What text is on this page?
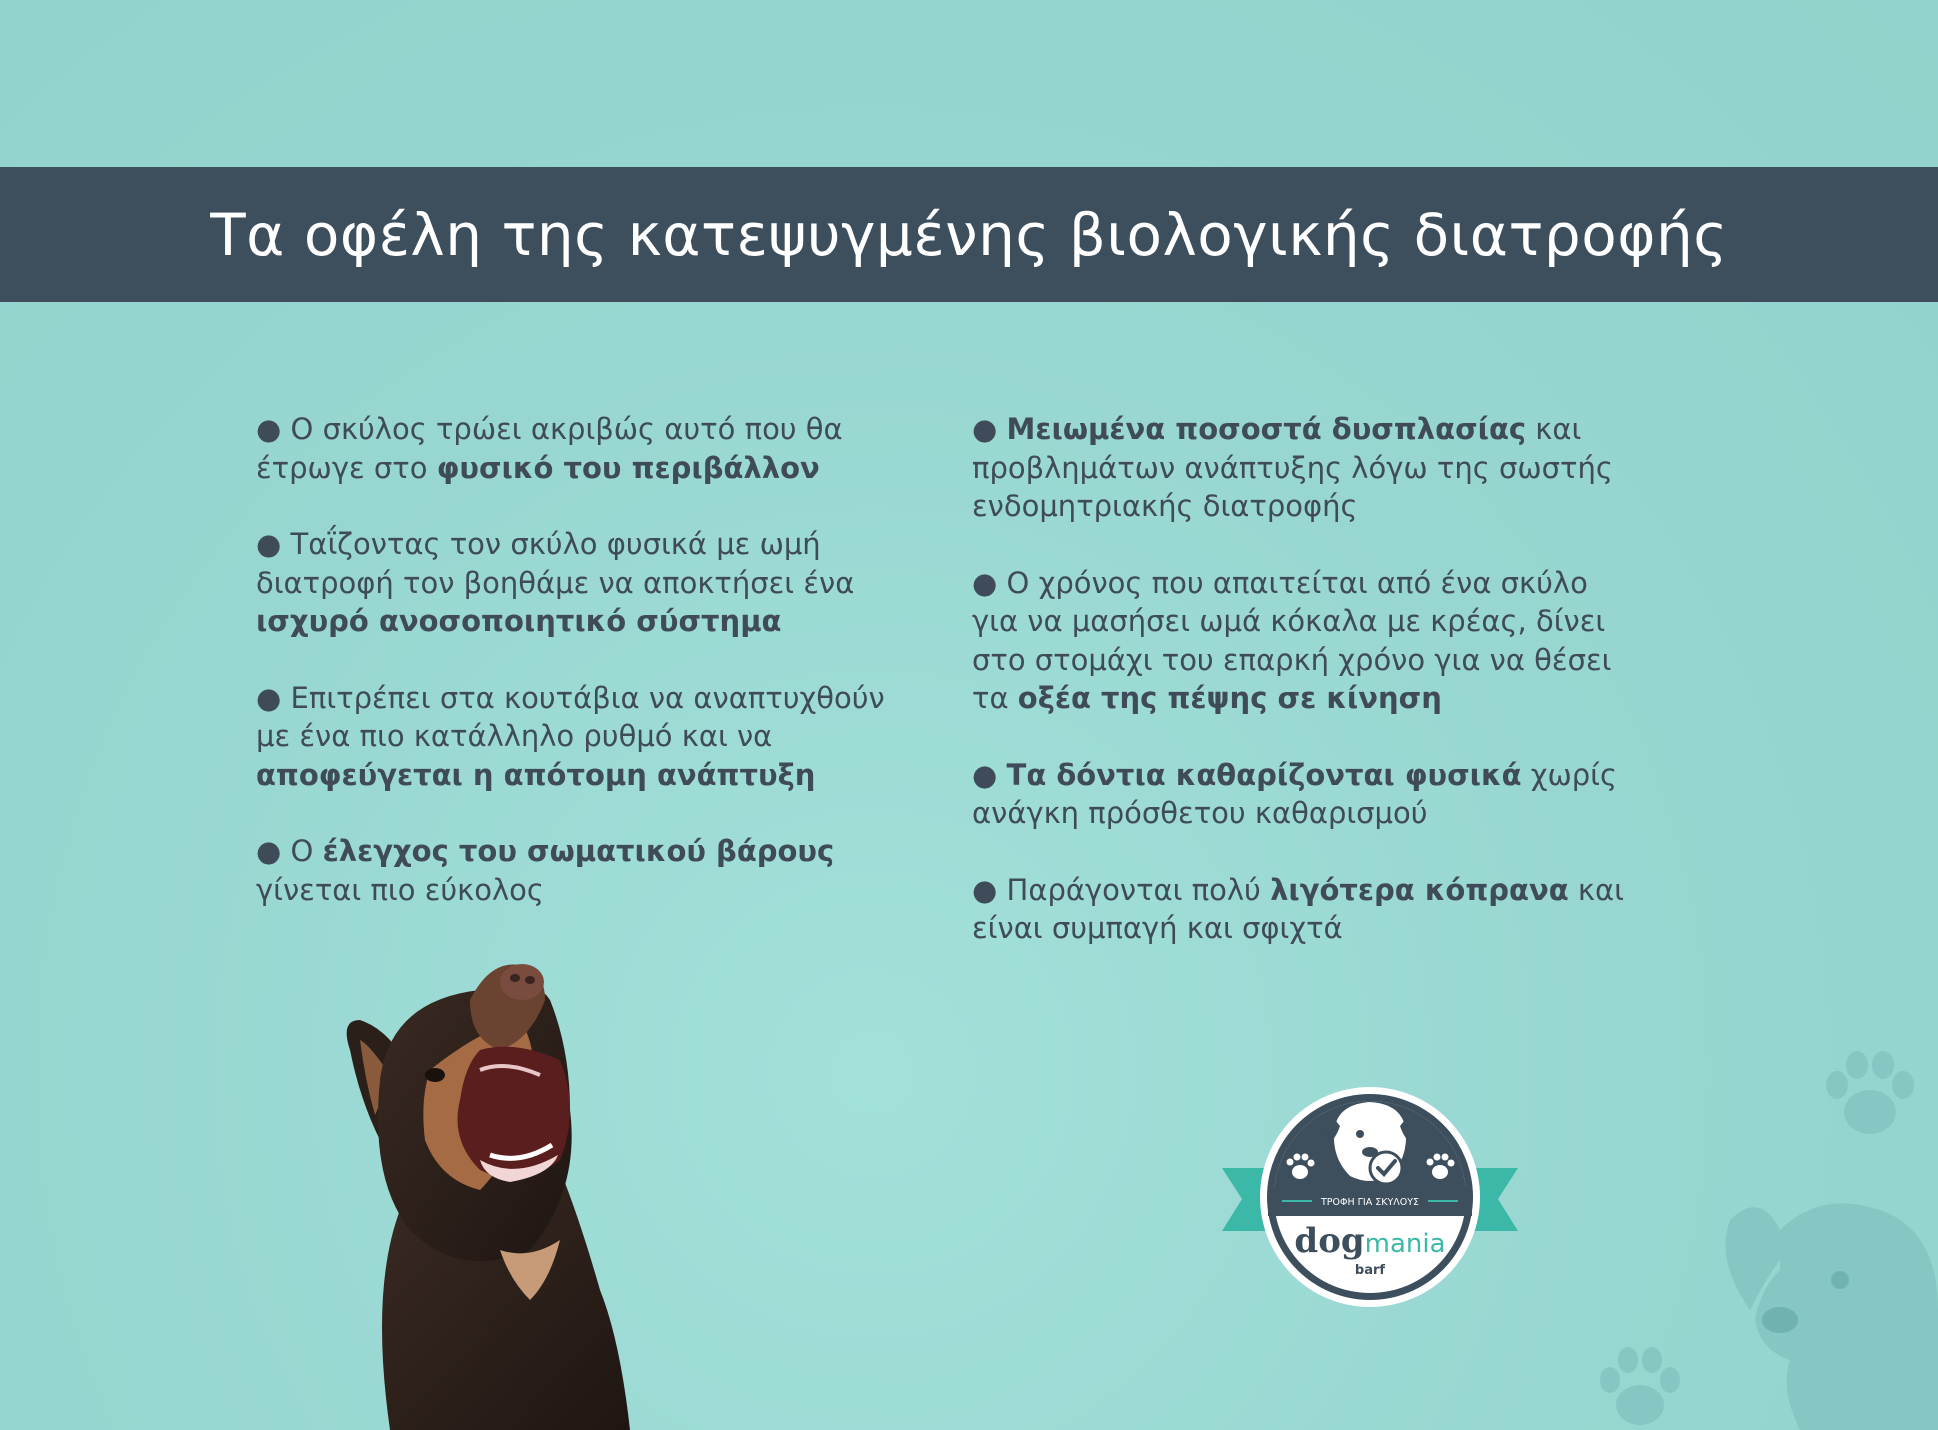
Τα οφέλη της κατεψυγμένης βιολογικής διατροφής

● Ο σκύλος τρώει ακριβώς αυτό που θα έτρωγε στο φυσικό του περιβάλλον

● Ταΐζοντας τον σκύλο φυσικά με ωμή διατροφή τον βοηθάμε να αποκτήσει ένα ισχυρό ανοσοποιητικό σύστημα

● Επιτρέπει στα κουτάβια να αναπτυχθούν με ένα πιο κατάλληλο ρυθμό και να αποφεύγεται η απότομη ανάπτυξη

● Ο έλεγχος του σωματικού βάρους γίνεται πιο εύκολος

● Μειωμένα ποσοστά δυσπλασίας και προβλημάτων ανάπτυξης λόγω της σωστής ενδομητριακής διατροφής

● Ο χρόνος που απαιτείται από ένα σκύλο για να μασήσει ωμά κόκαλα με κρέας, δίνει στο στομάχι του επαρκή χρόνο για να θέσει τα οξέα της πέψης σε κίνηση

● Τα δόντια καθαρίζονται φυσικά χωρίς ανάγκη πρόσθετου καθαρισμού

● Παράγονται πολύ λιγότερα κόπρανα και είναι συμπαγή και σφιχτά

ΤΡΟΦΗ ΓΙΑ ΣΚΥΛΟΥΣ
dogmania
barf
